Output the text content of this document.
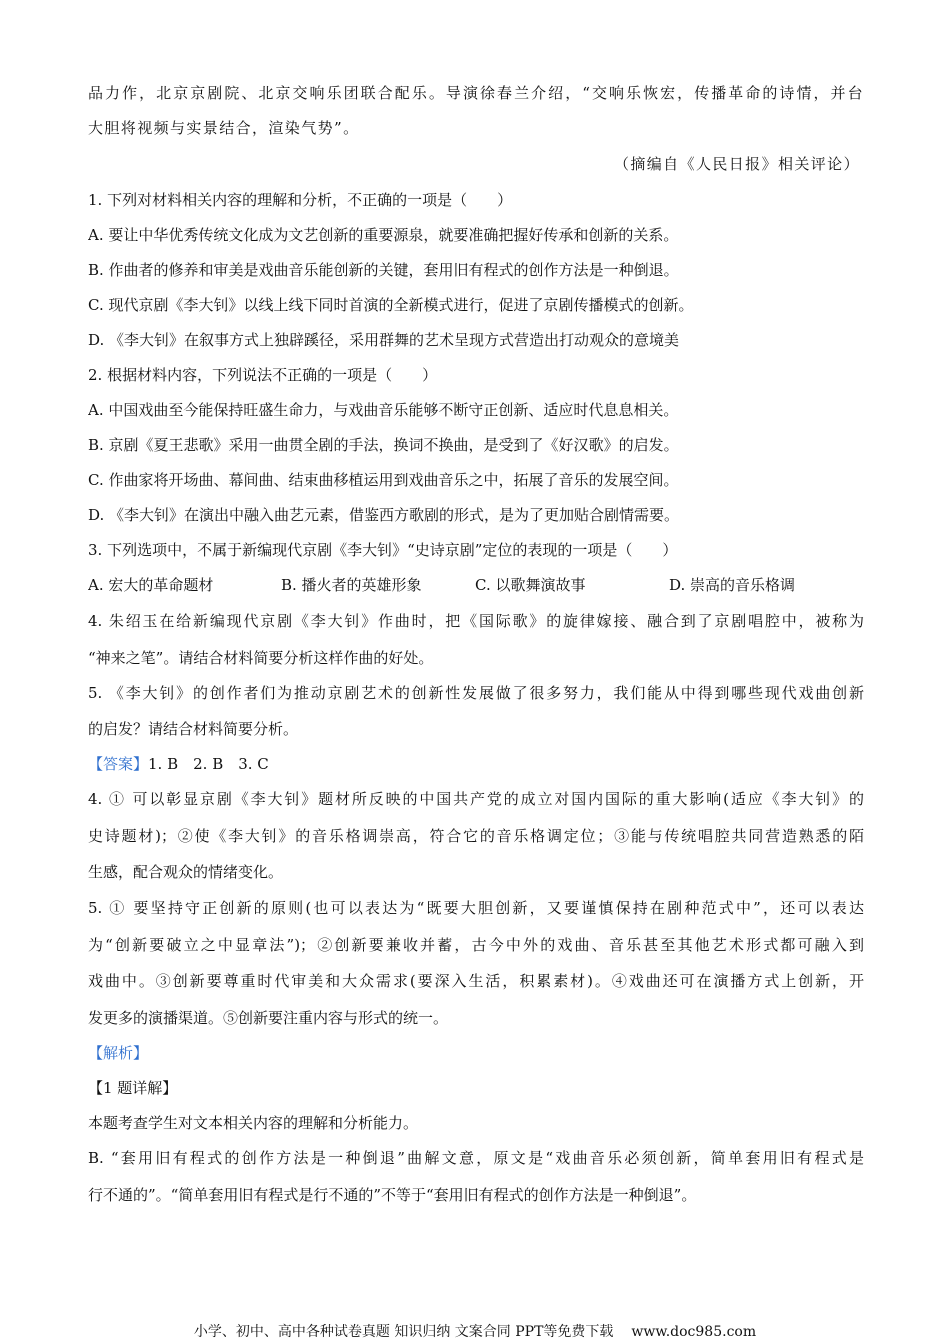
品力作，北京京剧院、北京交响乐团联合配乐。导演徐春兰介绍，“交响乐恢宏，传播革命的诗情，并台
大胆将视频与实景结合，渲染气势”。
（摘编自《人民日报》相关评论）
1. 下列对材料相关内容的理解和分析，不正确的一项是（　　）
A. 要让中华优秀传统文化成为文艺创新的重要源泉，就要准确把握好传承和创新的关系。
B. 作曲者的修养和审美是戏曲音乐能创新的关键，套用旧有程式的创作方法是一种倒退。
C. 现代京剧《李大钊》以线上线下同时首演的全新模式进行，促进了京剧传播模式的创新。
D. 《李大钊》在叙事方式上独辟蹊径，采用群舞的艺术呈现方式营造出打动观众的意境美
2. 根据材料内容，下列说法不正确的一项是（　　）
A. 中国戏曲至今能保持旺盛生命力，与戏曲音乐能够不断守正创新、适应时代息息相关。
B. 京剧《夏王悲歌》采用一曲贯全剧的手法，换词不换曲，是受到了《好汉歌》的启发。
C. 作曲家将开场曲、幕间曲、结束曲移植运用到戏曲音乐之中，拓展了音乐的发展空间。
D. 《李大钊》在演出中融入曲艺元素，借鉴西方歌剧的形式，是为了更加贴合剧情需要。
3. 下列选项中，不属于新编现代京剧《李大钊》“史诗京剧”定位的表现的一项是（　　）
A. 宏大的革命题材	B. 播火者的英雄形象	C. 以歌舞演故事	D. 崇高的音乐格调
4. 朱绍玉在给新编现代京剧《李大钊》作曲时，把《国际歌》的旋律嫁接、融合到了京剧唱腔中，被称为
“神来之笔”。请结合材料简要分析这样作曲的好处。
5. 《李大钊》的创作者们为推动京剧艺术的创新性发展做了很多努力，我们能从中得到哪些现代戏曲创新
的启发？请结合材料简要分析。
【答案】1. B　2. B　3. C
4. ① 可以彰显京剧《李大钊》题材所反映的中国共产党的成立对国内国际的重大影响(适应《李大钊》的
史诗题材)；②使《李大钊》的音乐格调崇高，符合它的音乐格调定位；③能与传统唱腔共同营造熟悉的陌
生感，配合观众的情绪变化。
5. ① 要坚持守正创新的原则(也可以表达为“既要大胆创新，又要谨慎保持在剧种范式中”，还可以表达
为“创新要破立之中显章法”)；②创新要兼收并蓄，古今中外的戏曲、音乐甚至其他艺术形式都可融入到
戏曲中。③创新要尊重时代审美和大众需求(要深入生活，积累素材)。④戏曲还可在演播方式上创新，开
发更多的演播渠道。⑤创新要注重内容与形式的统一。
【解析】
【1 题详解】
本题考查学生对文本相关内容的理解和分析能力。
B. “套用旧有程式的创作方法是一种倒退”曲解文意，原文是“戏曲音乐必须创新，简单套用旧有程式是
行不通的”。“简单套用旧有程式是行不通的”不等于“套用旧有程式的创作方法是一种倒退”。
小学、初中、高中各种试卷真题 知识归纳 文案合同 PPT等免费下载 www.doc985.com
